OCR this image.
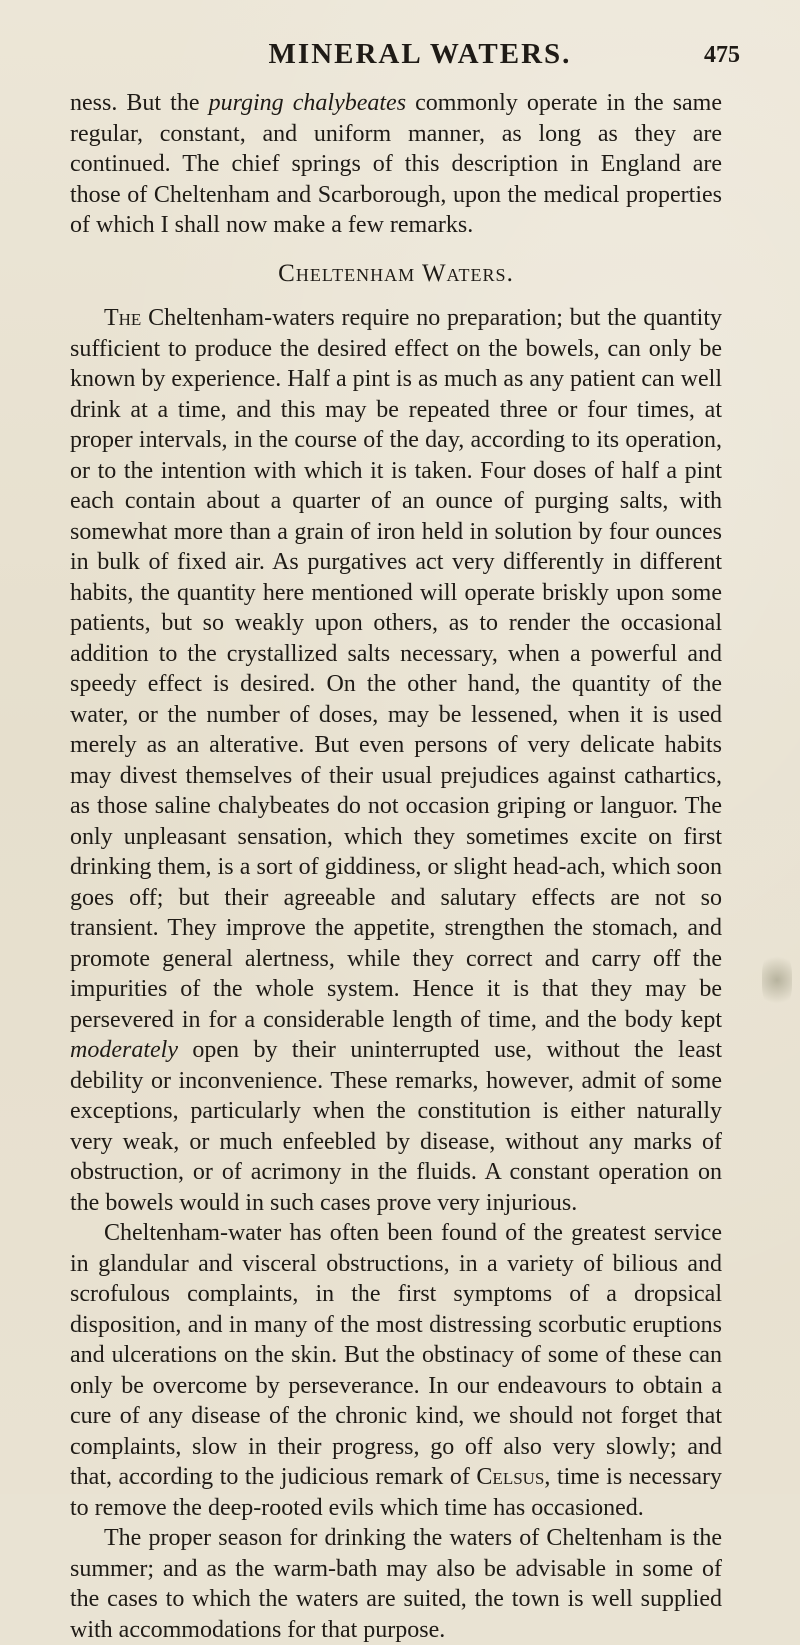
MINERAL WATERS.	475

ness. But the purging chalybeates commonly operate in the same regular, constant, and uniform manner, as long as they are continued. The chief springs of this description in England are those of Cheltenham and Scarborough, upon the medical properties of which I shall now make a few remarks.

Cheltenham Waters.

The Cheltenham-waters require no preparation; but the quantity sufficient to produce the desired effect on the bowels, can only be known by experience. Half a pint is as much as any patient can well drink at a time, and this may be repeated three or four times, at proper intervals, in the course of the day, according to its operation, or to the intention with which it is taken. Four doses of half a pint each contain about a quarter of an ounce of purging salts, with somewhat more than a grain of iron held in solution by four ounces in bulk of fixed air. As purgatives act very differently in different habits, the quantity here mentioned will operate briskly upon some patients, but so weakly upon others, as to render the occasional addition to the crystallized salts necessary, when a powerful and speedy effect is desired. On the other hand, the quantity of the water, or the number of doses, may be lessened, when it is used merely as an alterative. But even persons of very delicate habits may divest themselves of their usual prejudices against cathartics, as those saline chalybeates do not occasion griping or languor. The only unpleasant sensation, which they sometimes excite on first drinking them, is a sort of giddiness, or slight head-ach, which soon goes off; but their agreeable and salutary effects are not so transient. They improve the appetite, strengthen the stomach, and promote general alertness, while they correct and carry off the impurities of the whole system. Hence it is that they may be persevered in for a considerable length of time, and the body kept moderately open by their uninterrupted use, without the least debility or inconvenience. These remarks, however, admit of some exceptions, particularly when the constitution is either naturally very weak, or much enfeebled by disease, without any marks of obstruction, or of acrimony in the fluids. A constant operation on the bowels would in such cases prove very injurious.

Cheltenham-water has often been found of the greatest service in glandular and visceral obstructions, in a variety of bilious and scrofulous complaints, in the first symptoms of a dropsical disposition, and in many of the most distressing scorbutic eruptions and ulcerations on the skin. But the obstinacy of some of these can only be overcome by perseverance. In our endeavours to obtain a cure of any disease of the chronic kind, we should not forget that complaints, slow in their progress, go off also very slowly; and that, according to the judicious remark of Celsus, time is necessary to remove the deep-rooted evils which time has occasioned.

The proper season for drinking the waters of Cheltenham is the summer; and as the warm-bath may also be advisable in some of the cases to which the waters are suited, the town is well supplied with accommodations for that purpose.
